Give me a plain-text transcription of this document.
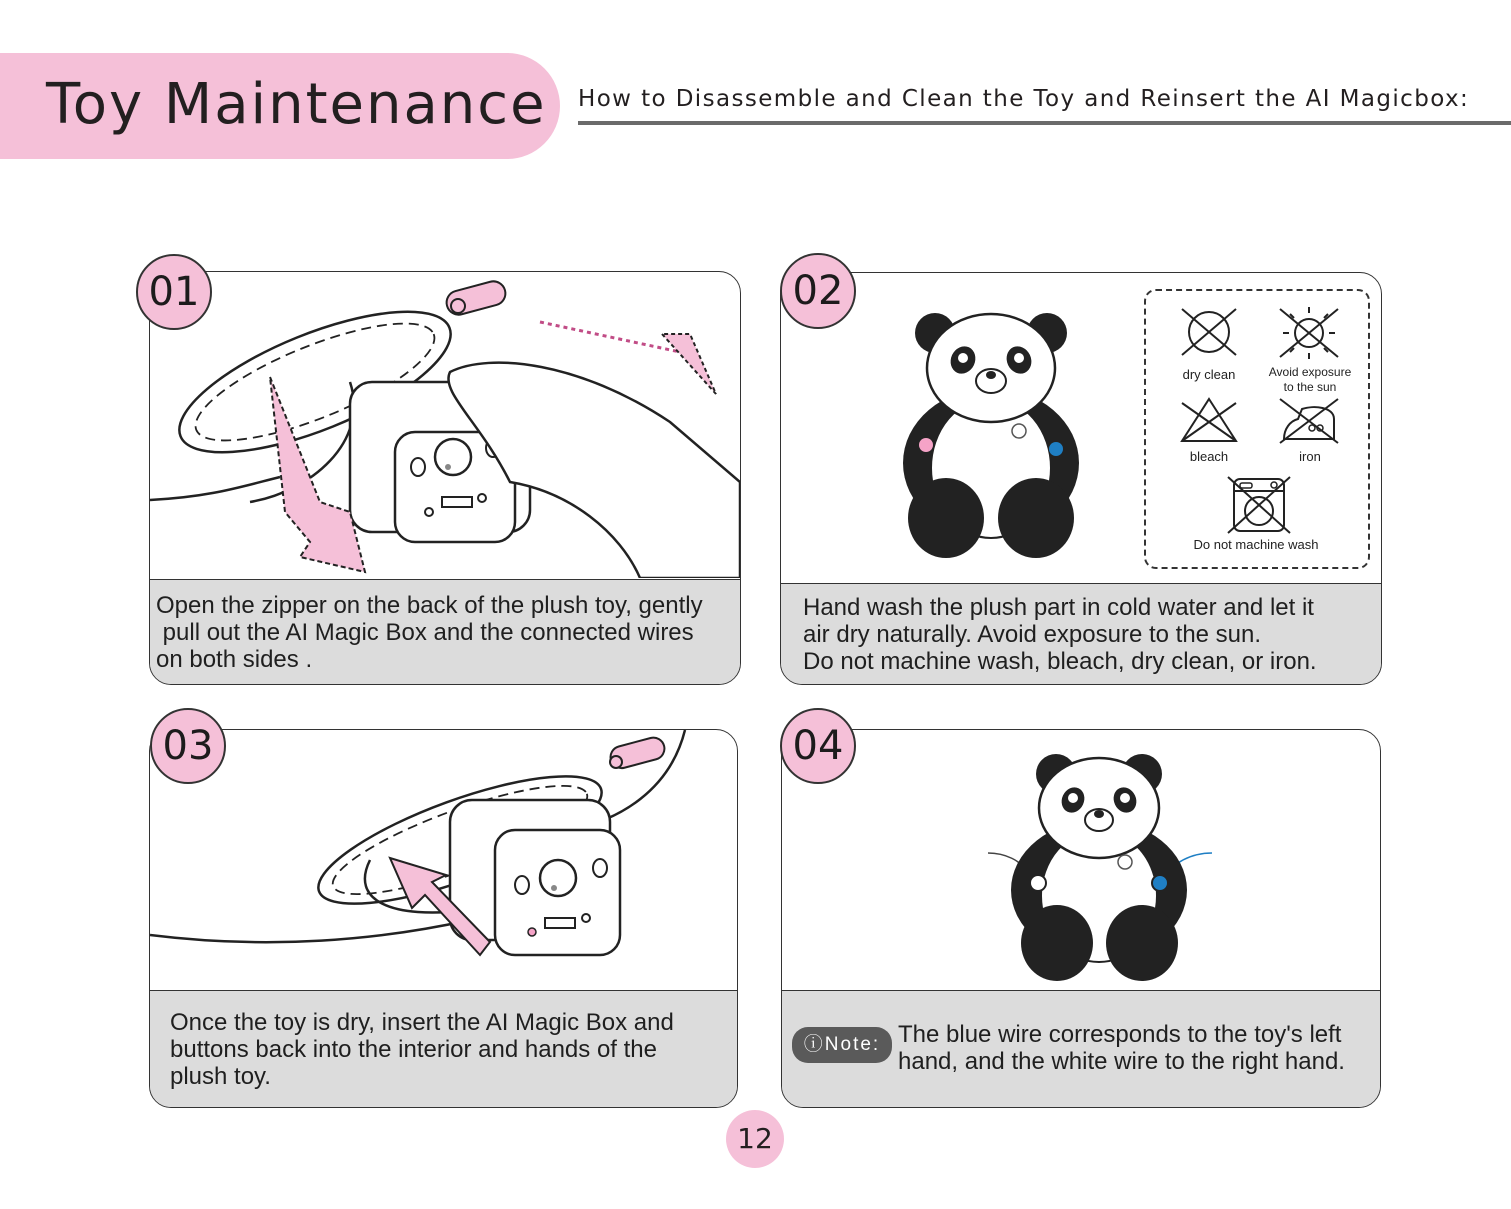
Toy Maintenance How to Disassemble and Clean the Toy and Reinsert the AI Magicbox:
Open the zipper on the back of the plush toy, gently
pull out the AI Magic Box and the connected wires
on both sides .
01
dry clean	Avoid exposure
to the sun
bleach	iron
Do not machine wash
Hand wash the plush part in cold water and let it
air dry naturally. Avoid exposure to the sun.
Do not machine wash, bleach, dry clean, or iron.
02
Once the toy is dry, insert the AI Magic Box and
buttons back into the interior and hands of the
plush toy.
03
ⓘNote: The blue wire corresponds to the toy's left
hand, and the white wire to the right hand.
04
12
